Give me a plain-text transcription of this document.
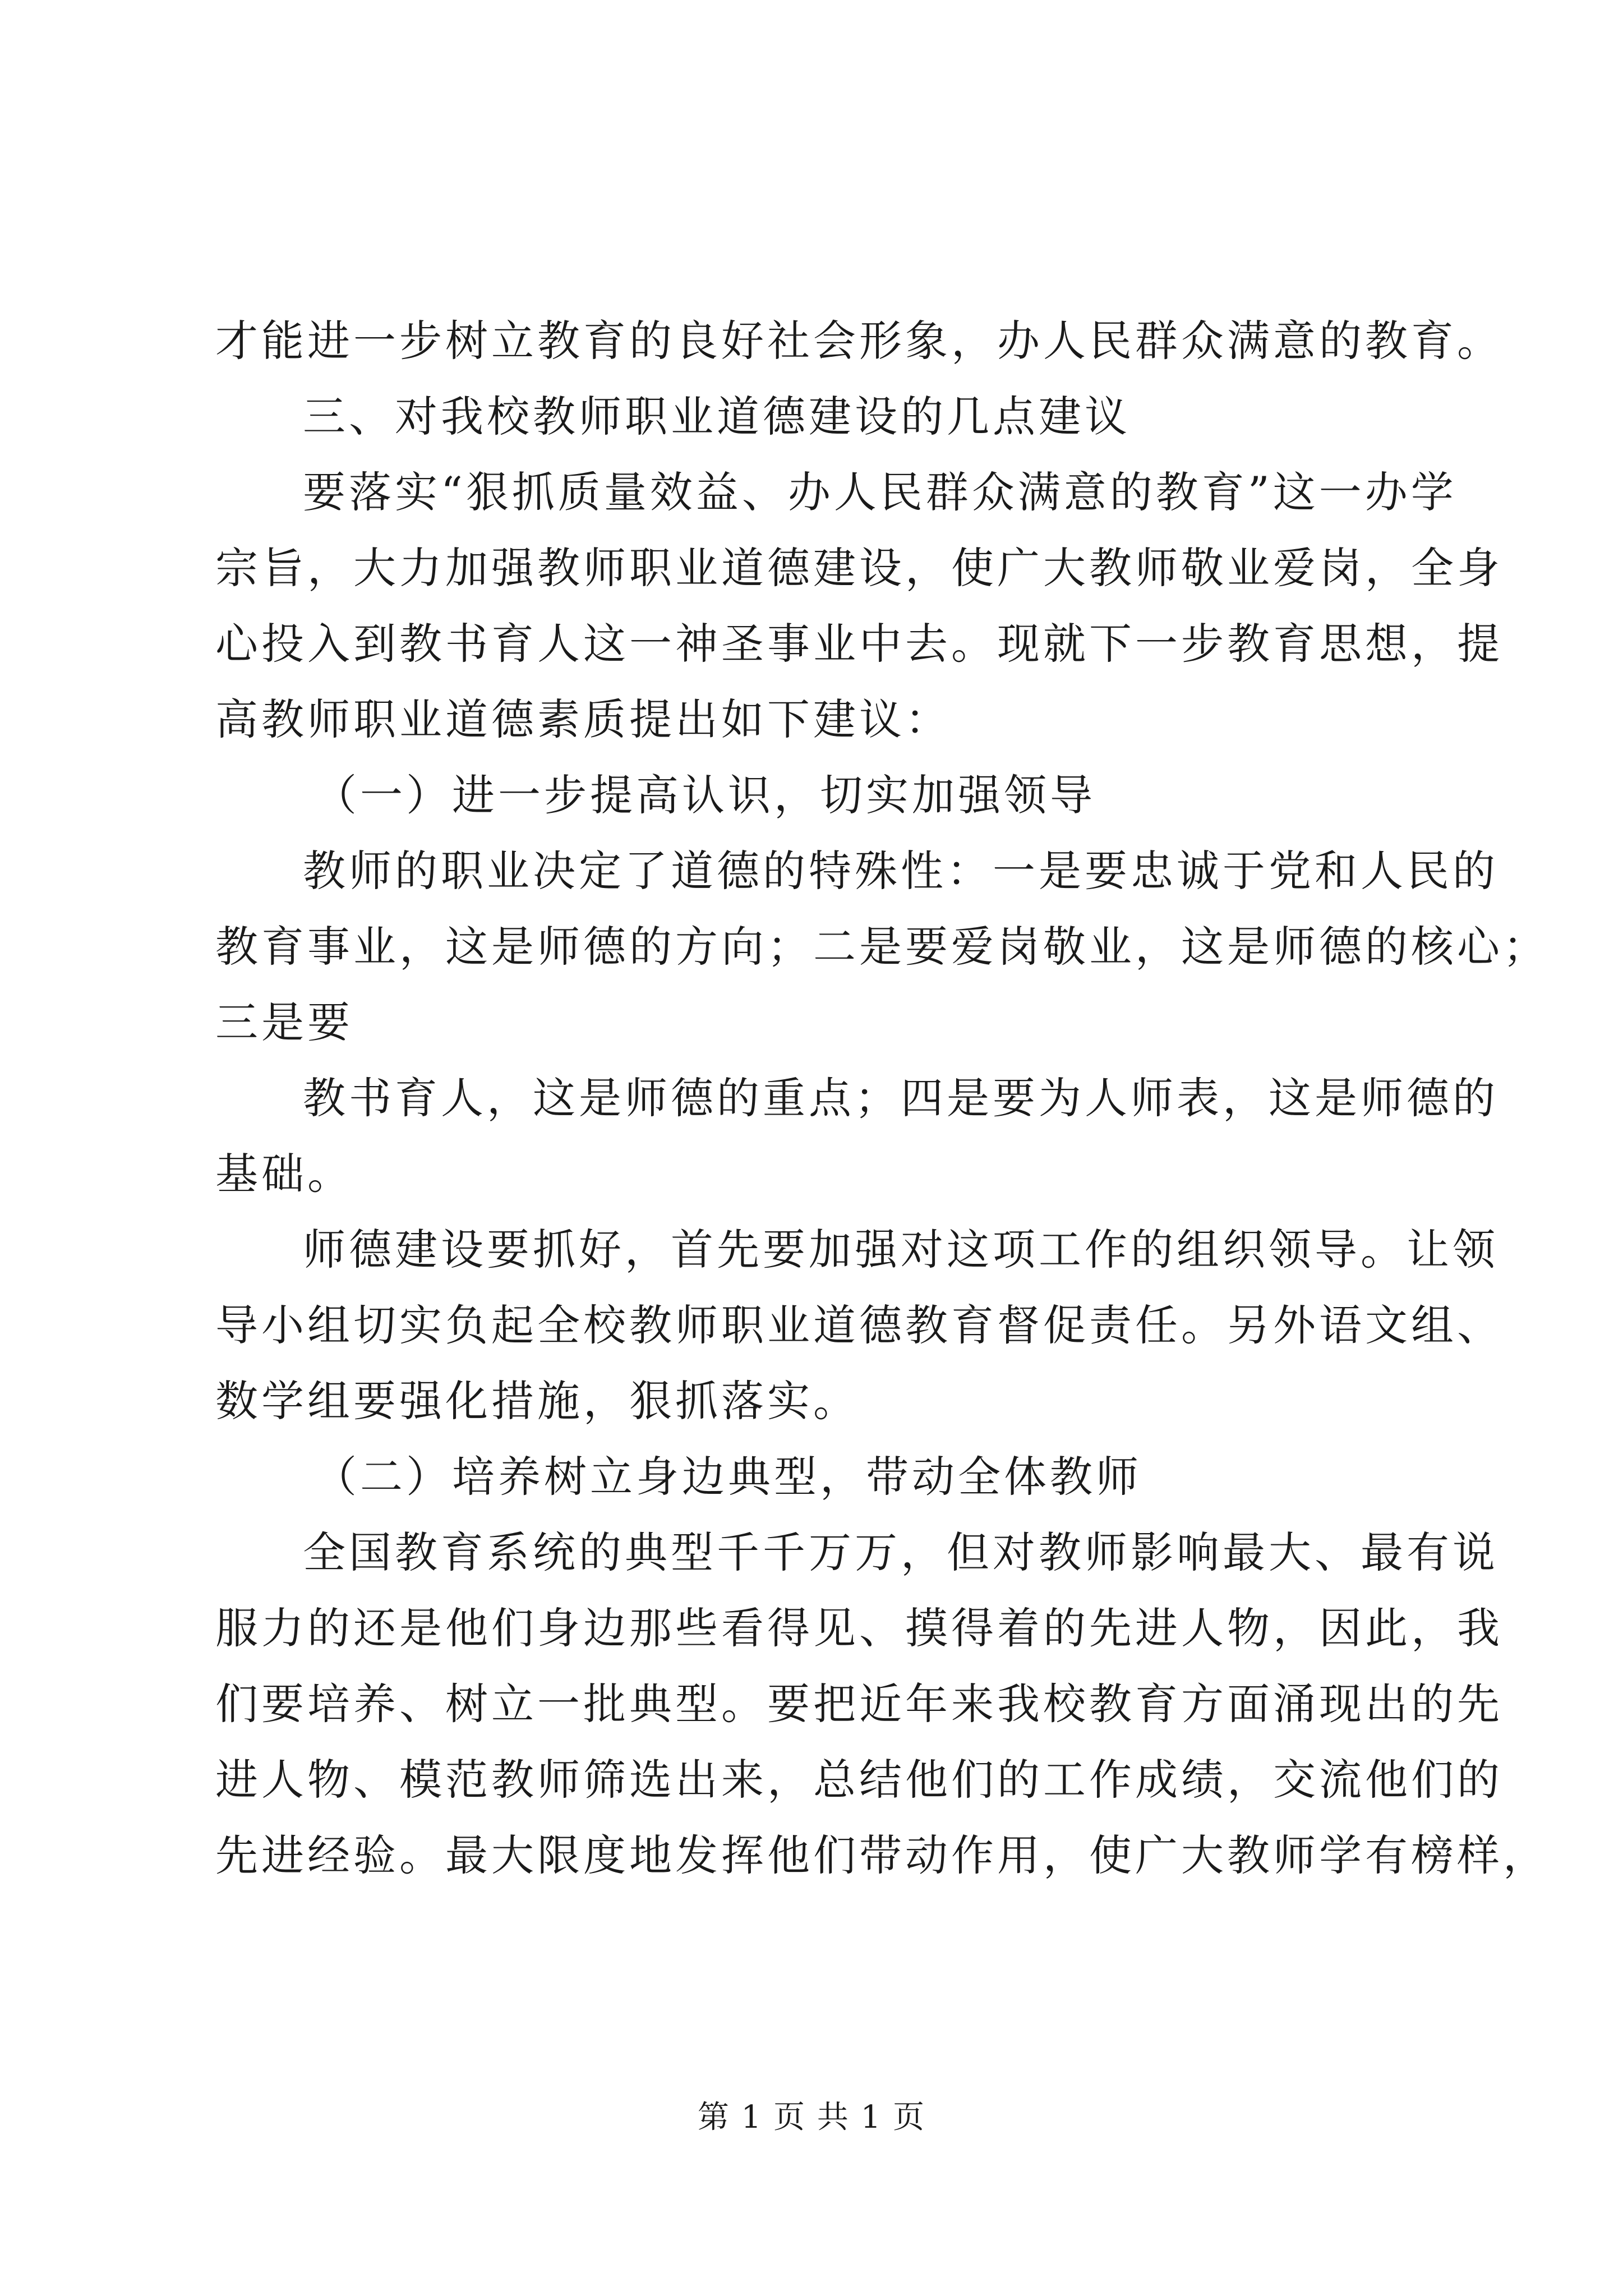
才能进一步树立教育的良好社会形象，办人民群众满意的教育。

三、对我校教师职业道德建设的几点建议

要落实“狠抓质量效益、办人民群众满意的教育”这一办学

宗旨，大力加强教师职业道德建设，使广大教师敬业爱岗，全身

心投入到教书育人这一神圣事业中去。现就下一步教育思想，提

高教师职业道德素质提出如下建议：

（一）进一步提高认识，切实加强领导

教师的职业决定了道德的特殊性：一是要忠诚于党和人民的

教育事业，这是师德的方向；二是要爱岗敬业，这是师德的核心；

三是要

教书育人，这是师德的重点；四是要为人师表，这是师德的

基础。

师德建设要抓好，首先要加强对这项工作的组织领导。让领

导小组切实负起全校教师职业道德教育督促责任。另外语文组、

数学组要强化措施，狠抓落实。

（二）培养树立身边典型，带动全体教师

全国教育系统的典型千千万万，但对教师影响最大、最有说

服力的还是他们身边那些看得见、摸得着的先进人物，因此，我

们要培养、树立一批典型。要把近年来我校教育方面涌现出的先

进人物、模范教师筛选出来，总结他们的工作成绩，交流他们的

先进经验。最大限度地发挥他们带动作用，使广大教师学有榜样，

第 1 页 共 1 页
